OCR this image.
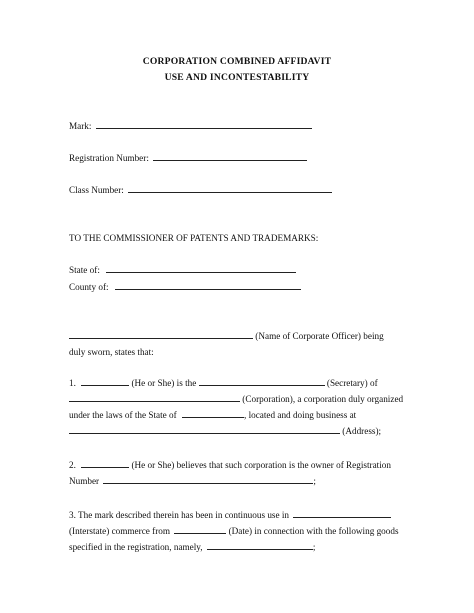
CORPORATION COMBINED AFFIDAVIT
USE AND INCONTESTABILITY
Mark:
Registration Number:
Class Number:
TO THE COMMISSIONER OF PATENTS AND TRADEMARKS:
State of:
County of:
(Name of Corporate Officer) being
duly sworn, states that:
1.	(He or She) is the	(Secretary) of
(Corporation), a corporation duly organized
under the laws of the State of	, located and doing business at
(Address);
2.	(He or She) believes that such corporation is the owner of Registration
Number	;
3. The mark described therein has been in continuous use in
(Interstate) commerce from	(Date) in connection with the following goods
specified in the registration, namely,	;
